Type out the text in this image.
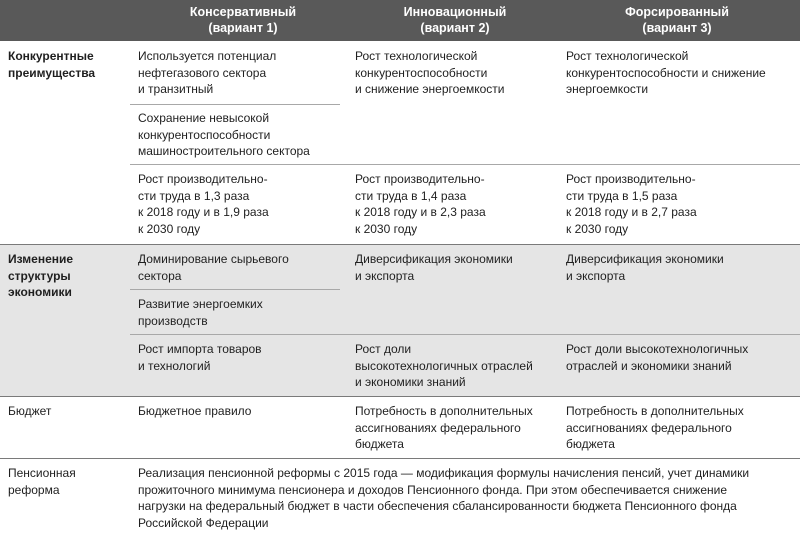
Консервативный
(вариант 1)
Инновационный
(вариант 2)
Форсированный
(вариант 3)
Конкурентные
преимущества
Используется потенциал
нефтегазового сектора
и транзитный
Рост технологической
конкурентоспособности
и снижение энергоемкости
Рост технологической
конкурентоспособности и снижение
энергоемкости
Сохранение невысокой
конкурентоспособности
машиностроительного сектора
Рост производительно-
сти труда в 1,3 раза
к 2018 году и в 1,9 раза
к 2030 году
Рост производительно-
сти труда в 1,4 раза
к 2018 году и в 2,3 раза
к 2030 году
Рост производительно-
сти труда в 1,5 раза
к 2018 году и в 2,7 раза
к 2030 году
Изменение
структуры
экономики
Доминирование сырьевого
сектора
Диверсификация экономики
и экспорта
Диверсификация экономики
и экспорта
Развитие энергоемких
производств
Рост импорта товаров
и технологий
Рост доли
высокотехнологичных отраслей
и экономики знаний
Рост доли высокотехнологичных
отраслей и экономики знаний
Бюджет	Бюджетное правило	Потребность в дополнительных
ассигнованиях федерального
бюджета
Потребность в дополнительных
ассигнованиях федерального
бюджета
Пенсионная
реформа
Реализация пенсионной реформы с 2015 года — модификация формулы начисления пенсий, учет динамики
прожиточного минимума пенсионера и доходов Пенсионного фонда. При этом обеспечивается снижение
нагрузки на федеральный бюджет в части обеспечения сбалансированности бюджета Пенсионного фонда
Российской Федерации
